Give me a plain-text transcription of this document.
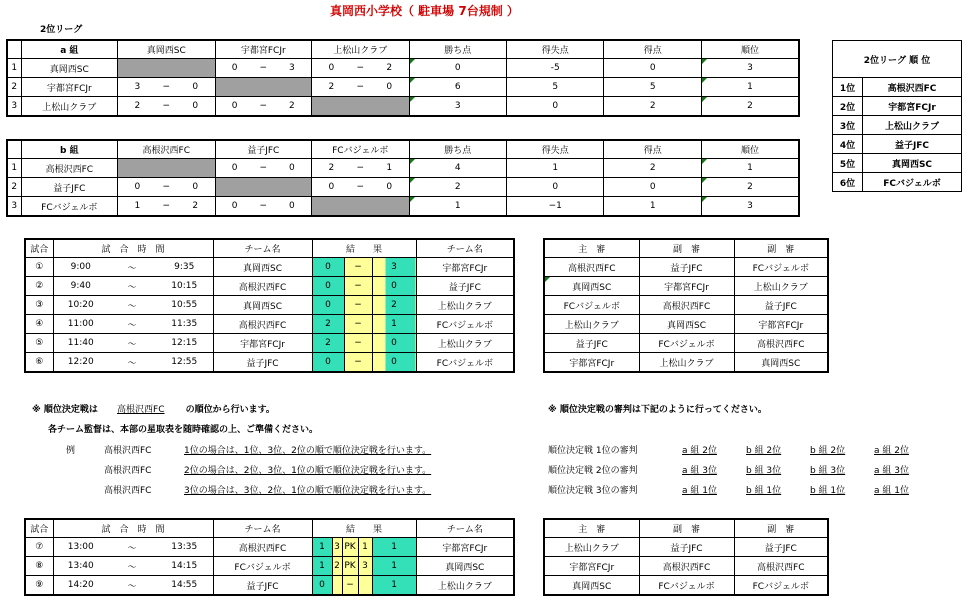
真岡西小学校（ 駐車場 7台規制 ）
2位リーグ
	a 組	真岡西SC	宇都宮FCJr	上松山クラブ	勝ち点	得失点	得点	順位
1	真岡西SC		0 − 3	0 − 2	0	-5	0	3
2	宇都宮FCJr	3 − 0		2 − 0	6	5	5	1
3	上松山クラブ	2 − 0	0 − 2		3	0	2	2
	b 組	高根沢西FC	益子JFC	FCバジェルボ	勝ち点	得失点	得点	順位
1	高根沢西FC		0 − 0	2 − 1	4	1	2	1
2	益子JFC	0 − 0		0 − 0	2	0	0	2
3	FCバジェルボ	1 − 2	0 − 0		1	−1	1	3
2位リーグ 順 位	
1位	高根沢西FC
2位	宇都宮FCJr
3位	上松山クラブ
4位	益子JFC
5位	真岡西SC
6位	FCバジェルボ
試合	試　合　時　間			チーム名	結　　果			チーム名
①	9:00	～	9:35	真岡西SC	0	−	3	宇都宮FCJr
②	9:40	～	10:15	高根沢西FC	0	−	0	益子JFC
③	10:20	～	10:55	真岡西SC	0	−	2	上松山クラブ
④	11:00	～	11:35	高根沢西FC	2	−	1	FCバジェルボ
⑤	11:40	～	12:15	宇都宮FCJr	2	−	0	上松山クラブ
⑥	12:20	～	12:55	益子JFC	0	−	0	FCバジェルボ
主　審	副　審	副　審
高根沢西FC	益子JFC	FCバジェルボ
真岡西SC	宇都宮FCJr	上松山クラブ
FCバジェルボ	高根沢西FC	益子JFC
上松山クラブ	真岡西SC	宇都宮FCJr
益子JFC	FCバジェルボ	高根沢西FC
宇都宮FCJr	上松山クラブ	真岡西SC
※ 順位決定戦は 高根沢西FC の順位から行います。
各チーム監督は、本部の星取表を随時確認の上、ご準備ください。
例	高根沢西FC	1位の場合は、1位、3位、2位の順で順位決定戦を行います。
高根沢西FC	2位の場合は、2位、3位、1位の順で順位決定戦を行います。
高根沢西FC	3位の場合は、3位、2位、1位の順で順位決定戦を行います。
※ 順位決定戦の審判は下記のように行ってください。
順位決定戦 1位の審判	a 組 2位	b 組 2位	b 組 2位	a 組 2位
順位決定戦 2位の審判	a 組 3位	b 組 3位	b 組 3位	a 組 3位
順位決定戦 3位の審判	a 組 1位	b 組 1位	b 組 1位	a 組 1位
試合	試　合　時　間			チーム名	結　　果					チーム名
⑦	13:00	～	13:35	高根沢西FC	1	3	PK	1	1	宇都宮FCJr
⑧	13:40	～	14:15	FCバジェルボ	1	2	PK	3	1	真岡西SC
⑨	14:20	～	14:55	益子JFC	0		−		1	上松山クラブ
主　審	副　審	副　審
上松山クラブ	益子JFC	益子JFC
宇都宮FCJr	高根沢西FC	高根沢西FC
真岡西SC	FCバジェルボ	FCバジェルボ
